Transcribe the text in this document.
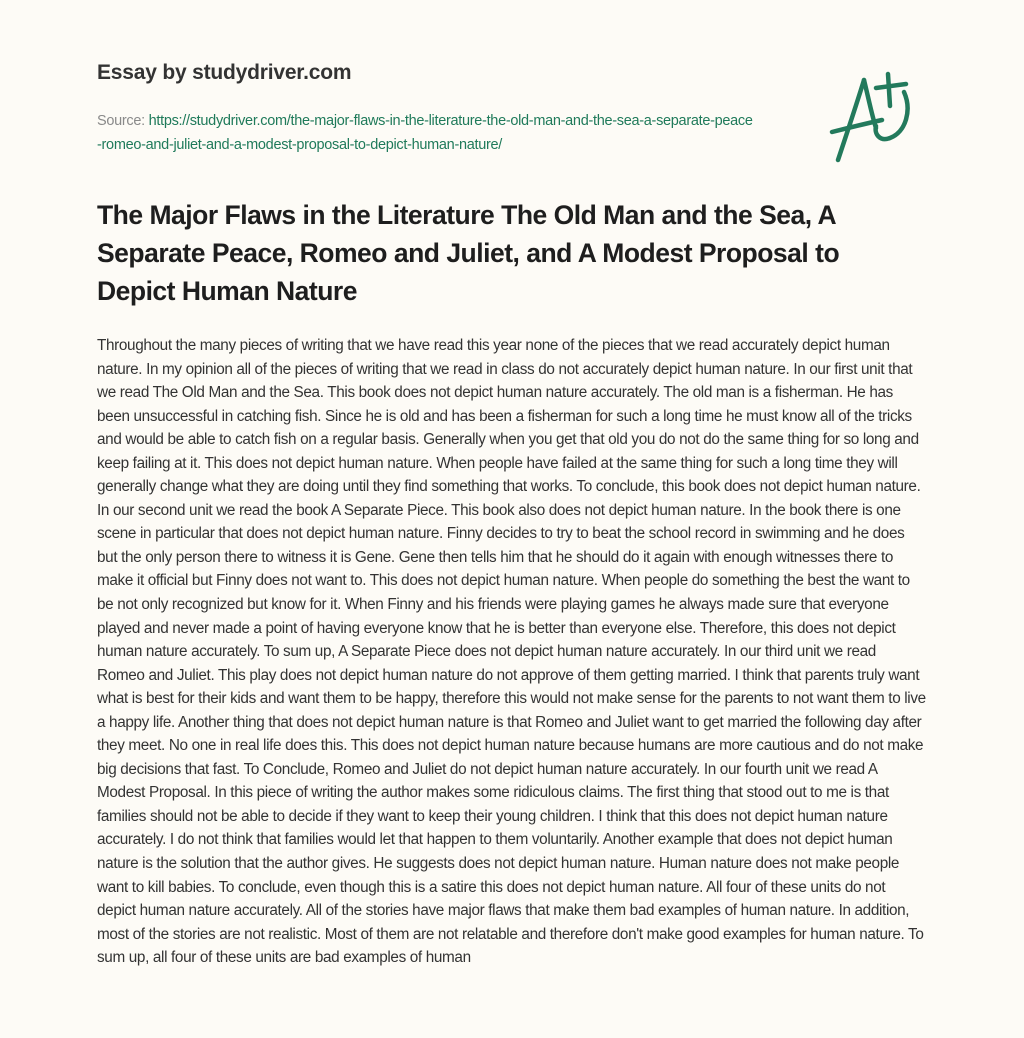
Essay by studydriver.com
Source: https://studydriver.com/the-major-flaws-in-the-literature-the-old-man-and-the-sea-a-separate-peace-romeo-and-juliet-and-a-modest-proposal-to-depict-human-nature/
The Major Flaws in the Literature The Old Man and the Sea, A Separate Peace, Romeo and Juliet, and A Modest Proposal to Depict Human Nature

Throughout the many pieces of writing that we have read this year none of the pieces that we read accurately depict human nature. In my opinion all of the pieces of writing that we read in class do not accurately depict human nature. In our first unit that we read The Old Man and the Sea. This book does not depict human nature accurately. The old man is a fisherman. He has been unsuccessful in catching fish. Since he is old and has been a fisherman for such a long time he must know all of the tricks and would be able to catch fish on a regular basis. Generally when you get that old you do not do the same thing for so long and keep failing at it. This does not depict human nature. When people have failed at the same thing for such a long time they will generally change what they are doing until they find something that works. To conclude, this book does not depict human nature. In our second unit we read the book A Separate Piece. This book also does not depict human nature. In the book there is one scene in particular that does not depict human nature. Finny decides to try to beat the school record in swimming and he does but the only person there to witness it is Gene. Gene then tells him that he should do it again with enough witnesses there to make it official but Finny does not want to. This does not depict human nature. When people do something the best the want to be not only recognized but know for it. When Finny and his friends were playing games he always made sure that everyone played and never made a point of having everyone know that he is better than everyone else. Therefore, this does not depict human nature accurately. To sum up, A Separate Piece does not depict human nature accurately. In our third unit we read Romeo and Juliet. This play does not depict human nature do not approve of them getting married. I think that parents truly want what is best for their kids and want them to be happy, therefore this would not make sense for the parents to not want them to live a happy life. Another thing that does not depict human nature is that Romeo and Juliet want to get married the following day after they meet. No one in real life does this. This does not depict human nature because humans are more cautious and do not make big decisions that fast. To Conclude, Romeo and Juliet do not depict human nature accurately. In our fourth unit we read A Modest Proposal. In this piece of writing the author makes some ridiculous claims. The first thing that stood out to me is that families should not be able to decide if they want to keep their young children. I think that this does not depict human nature accurately. I do not think that families would let that happen to them voluntarily. Another example that does not depict human nature is the solution that the author gives. He suggests does not depict human nature. Human nature does not make people want to kill babies. To conclude, even though this is a satire this does not depict human nature. All four of these units do not depict human nature accurately. All of the stories have major flaws that make them bad examples of human nature. In addition, most of the stories are not realistic. Most of them are not relatable and therefore don't make good examples for human nature. To sum up, all four of these units are bad examples of human
